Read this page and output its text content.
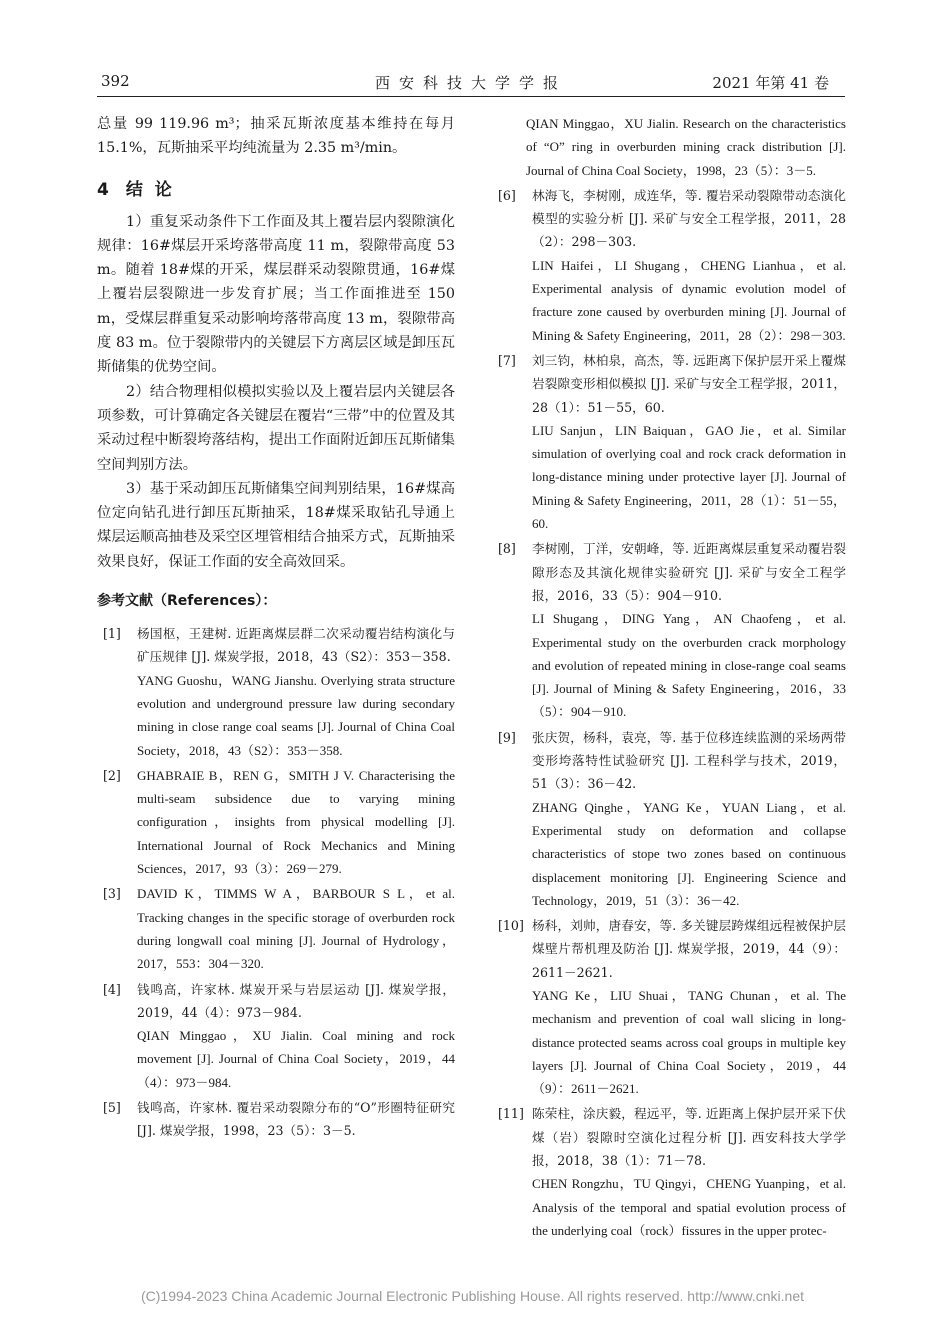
392	西安科技大学学报	2021 年第 41 卷

总量 99 119.96 m³；抽采瓦斯浓度基本维持在每月 15.1%，瓦斯抽采平均纯流量为 2.35 m³/min。

4 结 论

1）重复采动条件下工作面及其上覆岩层内裂隙演化规律：16#煤层开采垮落带高度 11 m，裂隙带高度 53 m。随着 18#煤的开采，煤层群采动裂隙贯通，16#煤上覆岩层裂隙进一步发育扩展；当工作面推进至 150 m，受煤层群重复采动影响垮落带高度 13 m，裂隙带高度 83 m。位于裂隙带内的关键层下方离层区域是卸压瓦斯储集的优势空间。

2）结合物理相似模拟实验以及上覆岩层内关键层各项参数，可计算确定各关键层在覆岩“三带”中的位置及其采动过程中断裂垮落结构，提出工作面附近卸压瓦斯储集空间判别方法。

3）基于采动卸压瓦斯储集空间判别结果，16#煤高位定向钻孔进行卸压瓦斯抽采，18#煤采取钻孔导通上煤层运顺高抽巷及采空区埋管相结合抽采方式，瓦斯抽采效果良好，保证工作面的安全高效回采。

参考文献（References）：
[1] 杨国枢，王建树. 近距离煤层群二次采动覆岩结构演化与矿压规律 [J]. 煤炭学报，2018，43（S2）：353－358.

YANG Guoshu，WANG Jianshu. Overlying strata structure evolution and underground pressure law during secondary mining in close range coal seams [J]. Journal of China Coal Society，2018，43（S2）：353－358.

[2] GHABRAIE B，REN G，SMITH J V. Characterising the multi-seam subsidence due to varying mining configuration，insights from physical modelling [J]. International Journal of Rock Mechanics and Mining Sciences，2017，93（3）：269－279.

[3] DAVID K，TIMMS W A，BARBOUR S L，et al. Tracking changes in the specific storage of overburden rock during longwall coal mining [J]. Journal of Hydrology，2017，553：304－320.

[4] 钱鸣高，许家林. 煤炭开采与岩层运动 [J]. 煤炭学报，2019，44（4）：973－984.

QIAN Minggao，XU Jialin. Coal mining and rock movement [J]. Journal of China Coal Society，2019，44（4）：973－984.

[5] 钱鸣高，许家林. 覆岩采动裂隙分布的“O”形圈特征研究 [J]. 煤炭学报，1998，23（5）：3－5.

QIAN Minggao，XU Jialin. Research on the characteristics of “O” ring in overburden mining crack distribution [J]. Journal of China Coal Society，1998，23（5）：3－5.

[6] 林海飞，李树刚，成连华，等. 覆岩采动裂隙带动态演化模型的实验分析 [J]. 采矿与安全工程学报，2011，28（2）：298－303.

LIN Haifei，LI Shugang，CHENG Lianhua，et al. Experimental analysis of dynamic evolution model of fracture zone caused by overburden mining [J]. Journal of Mining & Safety Engineering，2011，28（2）：298－303.

[7] 刘三钧，林柏泉，高杰，等. 远距离下保护层开采上覆煤岩裂隙变形相似模拟 [J]. 采矿与安全工程学报，2011，28（1）：51－55，60.

LIU Sanjun，LIN Baiquan，GAO Jie，et al. Similar simulation of overlying coal and rock crack deformation in long-distance mining under protective layer [J]. Journal of Mining & Safety Engineering，2011，28（1）：51－55，60.

[8] 李树刚，丁洋，安朝峰，等. 近距离煤层重复采动覆岩裂隙形态及其演化规律实验研究 [J]. 采矿与安全工程学报，2016，33（5）：904－910.

LI Shugang，DING Yang，AN Chaofeng，et al. Experimental study on the overburden crack morphology and evolution of repeated mining in close-range coal seams [J]. Journal of Mining & Safety Engineering，2016，33（5）：904－910.

[9] 张庆贺，杨科，袁亮，等. 基于位移连续监测的采场两带变形垮落特性试验研究 [J]. 工程科学与技术，2019，51（3）：36－42.

ZHANG Qinghe，YANG Ke，YUAN Liang，et al. Experimental study on deformation and collapse characteristics of stope two zones based on continuous displacement monitoring [J]. Engineering Science and Technology，2019，51（3）：36－42.

[10] 杨科，刘帅，唐春安，等. 多关键层跨煤组远程被保护层煤壁片帮机理及防治 [J]. 煤炭学报，2019，44（9）：2611－2621.

YANG Ke，LIU Shuai，TANG Chunan，et al. The mechanism and prevention of coal wall slicing in long-distance protected seams across coal groups in multiple key layers [J]. Journal of China Coal Society，2019，44（9）：2611－2621.

[11] 陈荣柱，涂庆毅，程远平，等. 近距离上保护层开采下伏煤（岩）裂隙时空演化过程分析 [J]. 西安科技大学学报，2018，38（1）：71－78.

CHEN Rongzhu，TU Qingyi，CHENG Yuanping，et al. Analysis of the temporal and spatial evolution process of the underlying coal（rock）fissures in the upper protec-

(C)1994-2023 China Academic Journal Electronic Publishing House. All rights reserved. http://www.cnki.net
